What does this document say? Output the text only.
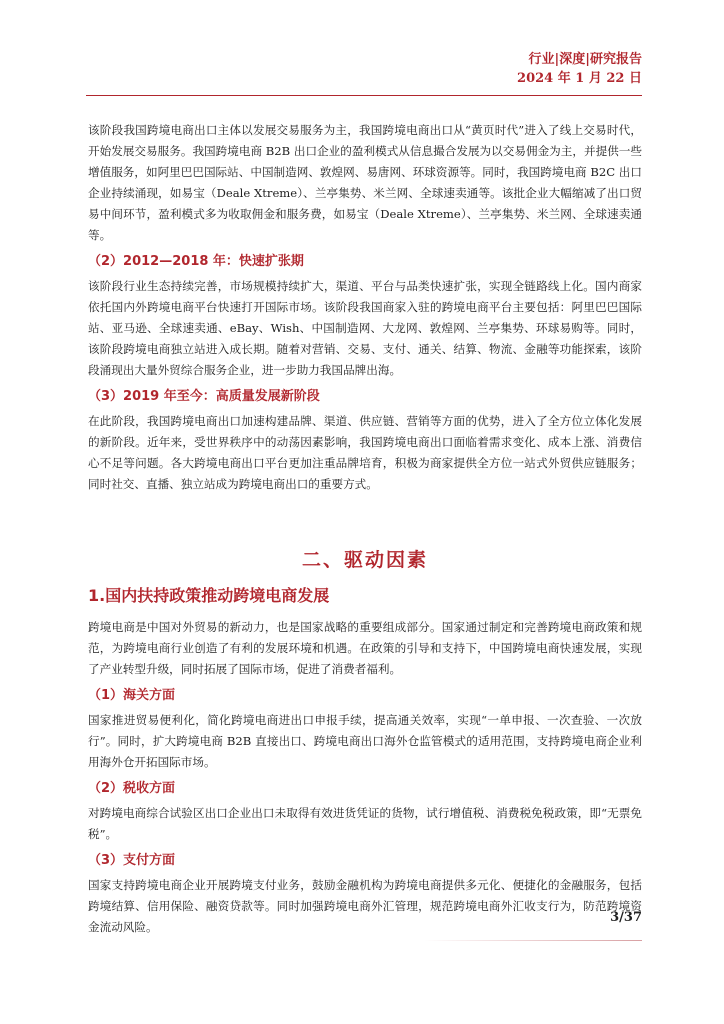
行业|深度|研究报告
2024 年 1 月 22 日

该阶段我国跨境电商出口主体以发展交易服务为主，我国跨境电商出口从“黄页时代”进入了线上交易时代，开始发展交易服务。我国跨境电商 B2B 出口企业的盈利模式从信息撮合发展为以交易佣金为主，并提供一些增值服务，如阿里巴巴国际站、中国制造网、敦煌网、易唐网、环球资源等。同时，我国跨境电商 B2C 出口企业持续涌现，如易宝（Deale Xtreme）、兰亭集势、米兰网、全球速卖通等。该批企业大幅缩减了出口贸易中间环节，盈利模式多为收取佣金和服务费，如易宝（Deale Xtreme）、兰亭集势、米兰网、全球速卖通等。

（2）2012—2018 年：快速扩张期

该阶段行业生态持续完善，市场规模持续扩大，渠道、平台与品类快速扩张，实现全链路线上化。国内商家依托国内外跨境电商平台快速打开国际市场。该阶段我国商家入驻的跨境电商平台主要包括：阿里巴巴国际站、亚马逊、全球速卖通、eBay、Wish、中国制造网、大龙网、敦煌网、兰亭集势、环球易购等。同时，该阶段跨境电商独立站进入成长期。随着对营销、交易、支付、通关、结算、物流、金融等功能探索，该阶段涌现出大量外贸综合服务企业，进一步助力我国品牌出海。

（3）2019 年至今：高质量发展新阶段

在此阶段，我国跨境电商出口加速构建品牌、渠道、供应链、营销等方面的优势，进入了全方位立体化发展的新阶段。近年来，受世界秩序中的动荡因素影响，我国跨境电商出口面临着需求变化、成本上涨、消费信心不足等问题。各大跨境电商出口平台更加注重品牌培育，积极为商家提供全方位一站式外贸供应链服务；同时社交、直播、独立站成为跨境电商出口的重要方式。

二、驱动因素
1.国内扶持政策推动跨境电商发展

跨境电商是中国对外贸易的新动力，也是国家战略的重要组成部分。国家通过制定和完善跨境电商政策和规范，为跨境电商行业创造了有利的发展环境和机遇。在政策的引导和支持下，中国跨境电商快速发展，实现了产业转型升级，同时拓展了国际市场，促进了消费者福利。

（1）海关方面

国家推进贸易便利化，简化跨境电商进出口申报手续，提高通关效率，实现“一单申报、一次查验、一次放行”。同时，扩大跨境电商 B2B 直接出口、跨境电商出口海外仓监管模式的适用范围，支持跨境电商企业利用海外仓开拓国际市场。

（2）税收方面

对跨境电商综合试验区出口企业出口未取得有效进货凭证的货物，试行增值税、消费税免税政策，即“无票免税”。

（3）支付方面

国家支持跨境电商企业开展跨境支付业务，鼓励金融机构为跨境电商提供多元化、便捷化的金融服务，包括跨境结算、信用保险、融资贷款等。同时加强跨境电商外汇管理，规范跨境电商外汇收支行为，防范跨境资金流动风险。

3/37
